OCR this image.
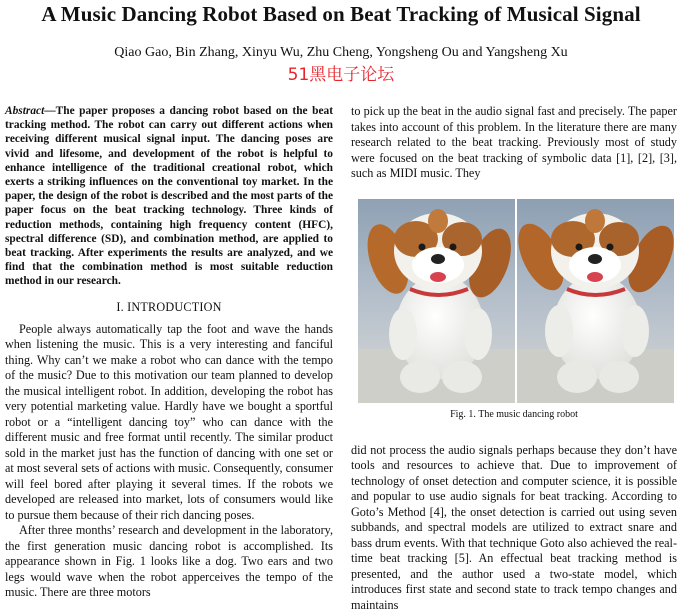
A Music Dancing Robot Based on Beat Tracking of Musical Signal
Qiao Gao, Bin Zhang, Xinyu Wu, Zhu Cheng, Yongsheng Ou and Yangsheng Xu
51黑电子论坛
Abstract—The paper proposes a dancing robot based on the beat tracking method. The robot can carry out different actions when receiving different musical signal input. The dancing poses are vivid and lifesome, and development of the robot is helpful to enhance intelligence of the traditional creational robot, which exerts a striking influences on the conventional toy market. In the paper, the design of the robot is described and the most parts of the paper focus on the beat tracking technology. Three kinds of reduction methods, containing high frequency content (HFC), spectral difference (SD), and combination method, are applied to beat tracking. After experiments the results are analyzed, and we find that the combination method is most suitable reduction method in our research.
I. INTRODUCTION

People always automatically tap the foot and wave the hands when listening the music. This is a very interesting and fanciful thing. Why can’t we make a robot who can dance with the tempo of the music? Due to this motivation our team planned to develop the musical intelligent robot. In addition, developing the robot has very potential marketing value. Hardly have we bought a sportful robot or a “intelligent dancing toy” who can dance with the different music and free format until recently. The similar product sold in the market just has the function of dancing with one set or at most several sets of actions with music. Consequently, consumer will feel bored after playing it several times. If the robots we developed are released into market, lots of consumers would like to pursue them because of their rich dancing poses.

After three months’ research and development in the laboratory, the first generation music dancing robot is accomplished. Its appearance shown in Fig. 1 looks like a dog. Two ears and two legs would wave when the robot apperceives the tempo of the music. There are three motors

to pick up the beat in the audio signal fast and precisely. The paper takes into account of this problem. In the literature there are many research related to the beat tracking. Previously most of study were focused on the beat tracking of symbolic data [1], [2], [3], such as MIDI music. They

Fig. 1. The music dancing robot

did not process the audio signals perhaps because they don’t have tools and resources to achieve that. Due to improvement of technology of onset detection and computer science, it is possible and popular to use audio signals for beat tracking. According to Goto’s Method [4], the onset detection is carried out using seven subbands, and spectral models are utilized to extract snare and bass drum events. With that technique Goto also achieved the real-time beat tracking [5]. An effectual beat tracking method is presented, and the author used a two-state model, which introduces first state and second state to track tempo changes and maintains
